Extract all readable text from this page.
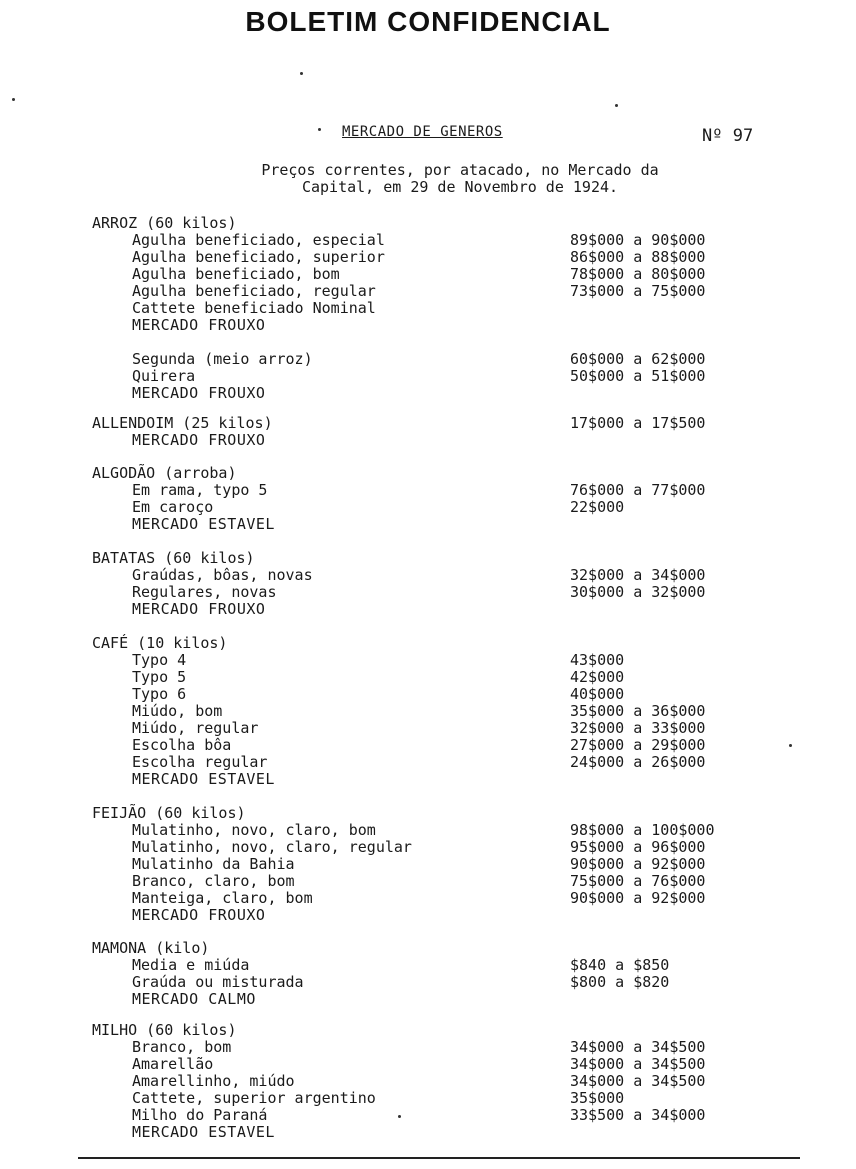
BOLETIM CONFIDENCIAL
MERCADO DE GENEROS	Nº 97
Preços correntes, por atacado, no Mercado da
Capital, em 29 de Novembro de 1924.
ARROZ (60 kilos)
Agulha beneficiado, especial	89$000 a 90$000
Agulha beneficiado, superior	86$000 a 88$000
Agulha beneficiado, bom	78$000 a 80$000
Agulha beneficiado, regular	73$000 a 75$000
Cattete beneficiado Nominal
MERCADO FROUXO
Segunda (meio arroz)	60$000 a 62$000
Quirera	50$000 a 51$000
MERCADO FROUXO
ALLENDOIM (25 kilos)	17$000 a 17$500
MERCADO FROUXO
ALGODÃO (arroba)
Em rama, typo 5	76$000 a 77$000
Em caroço	22$000
MERCADO ESTAVEL
BATATAS (60 kilos)
Graúdas, bôas, novas	32$000 a 34$000
Regulares, novas	30$000 a 32$000
MERCADO FROUXO
CAFÉ (10 kilos)
Typo 4	43$000
Typo 5	42$000
Typo 6	40$000
Miúdo, bom	35$000 a 36$000
Miúdo, regular	32$000 a 33$000
Escolha bôa	27$000 a 29$000
Escolha regular	24$000 a 26$000
MERCADO ESTAVEL
FEIJÃO (60 kilos)
Mulatinho, novo, claro, bom	98$000 a 100$000
Mulatinho, novo, claro, regular	95$000 a 96$000
Mulatinho da Bahia	90$000 a 92$000
Branco, claro, bom	75$000 a 76$000
Manteiga, claro, bom	90$000 a 92$000
MERCADO FROUXO
MAMONA (kilo)
Media e miúda	$840 a $850
Graúda ou misturada	$800 a $820
MERCADO CALMO
MILHO (60 kilos)
Branco, bom	34$000 a 34$500
Amarellão	34$000 a 34$500
Amarellinho, miúdo	34$000 a 34$500
Cattete, superior argentino	35$000
Milho do Paraná	33$500 a 34$000
MERCADO ESTAVEL
